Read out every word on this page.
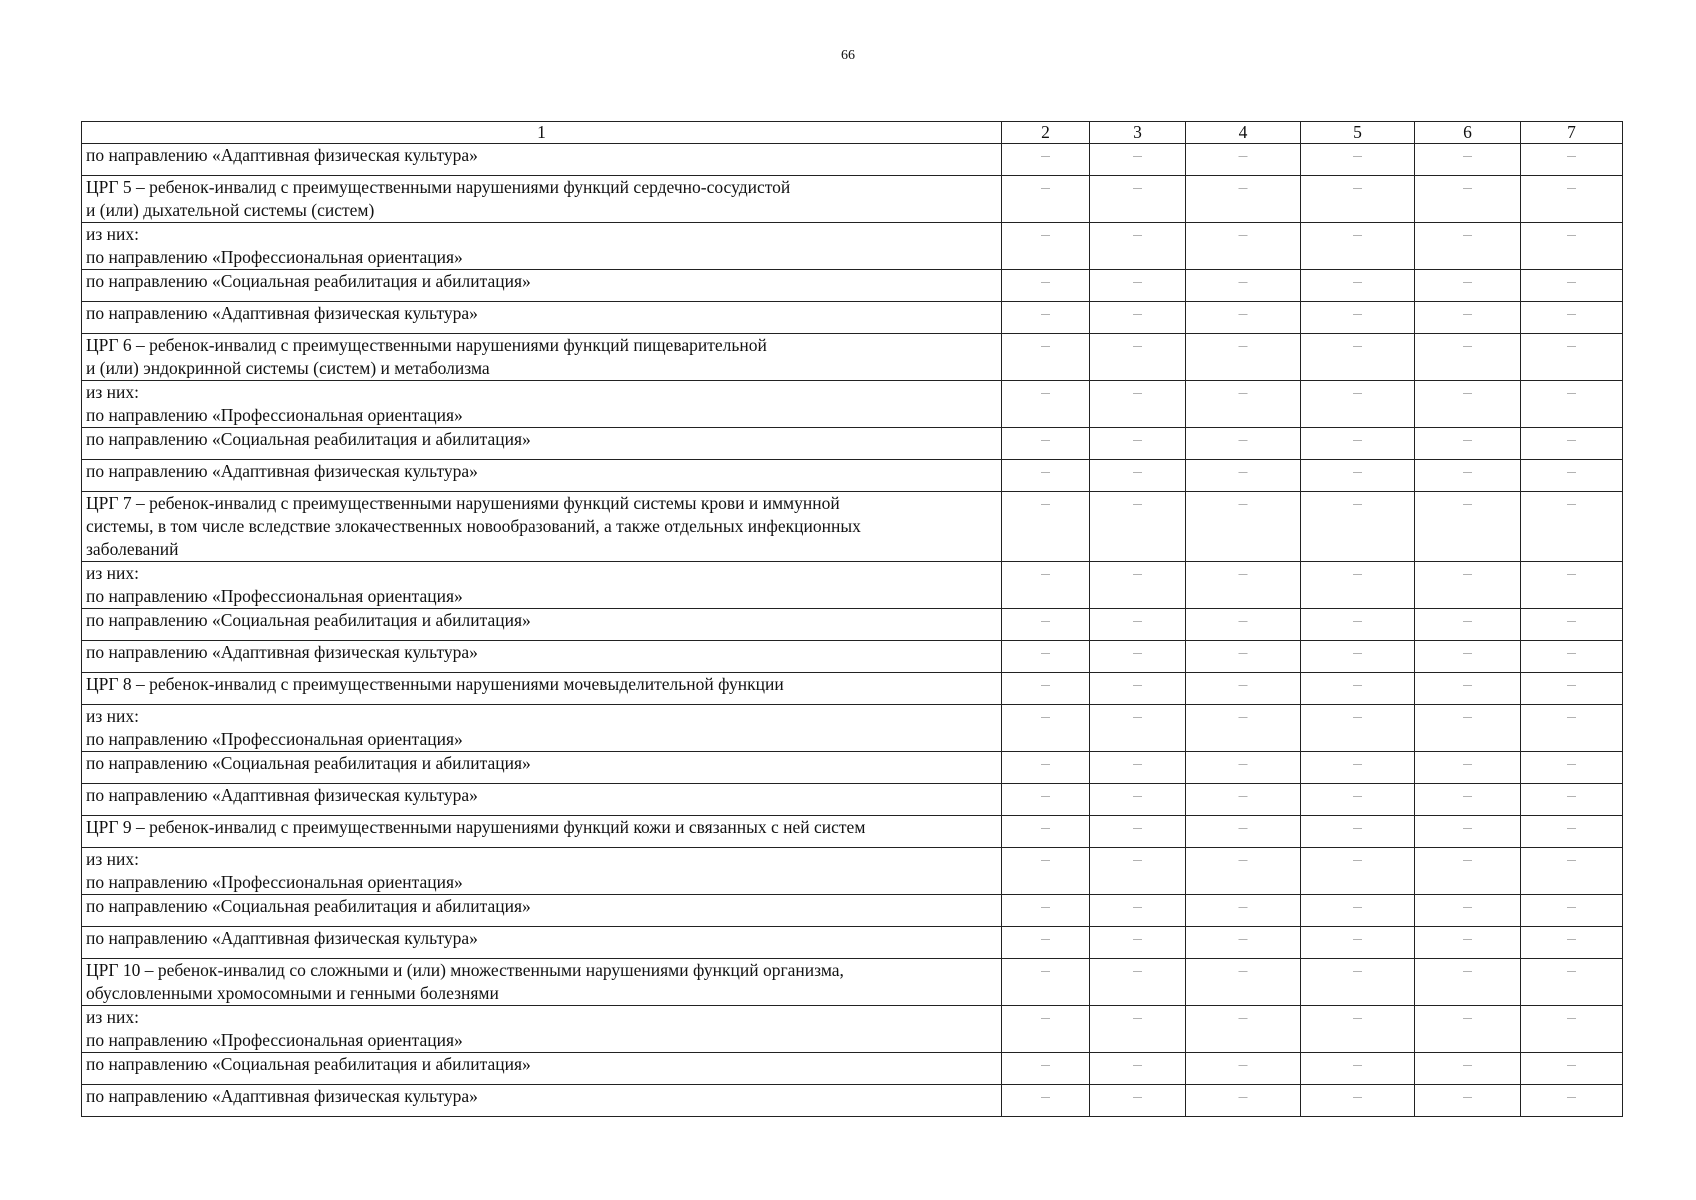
66
1	2	3	4	5	6	7
по направлению «Адаптивная физическая культура»	–	–	–	–	–	–
ЦРГ 5 – ребенок-инвалид с преимущественными нарушениями функций сердечно-сосудистой
и (или) дыхательной системы (систем)	–	–	–	–	–	–
из них:
по направлению «Профессиональная ориентация»	–	–	–	–	–	–
по направлению «Социальная реабилитация и абилитация»	–	–	–	–	–	–
по направлению «Адаптивная физическая культура»	–	–	–	–	–	–
ЦРГ 6 – ребенок-инвалид с преимущественными нарушениями функций пищеварительной
и (или) эндокринной системы (систем) и метаболизма	–	–	–	–	–	–
из них:
по направлению «Профессиональная ориентация»	–	–	–	–	–	–
по направлению «Социальная реабилитация и абилитация»	–	–	–	–	–	–
по направлению «Адаптивная физическая культура»	–	–	–	–	–	–
ЦРГ 7 – ребенок-инвалид с преимущественными нарушениями функций системы крови и иммунной
системы, в том числе вследствие злокачественных новообразований, а также отдельных инфекционных
заболеваний	–	–	–	–	–	–
из них:
по направлению «Профессиональная ориентация»	–	–	–	–	–	–
по направлению «Социальная реабилитация и абилитация»	–	–	–	–	–	–
по направлению «Адаптивная физическая культура»	–	–	–	–	–	–
ЦРГ 8 – ребенок-инвалид с преимущественными нарушениями мочевыделительной функции	–	–	–	–	–	–
из них:
по направлению «Профессиональная ориентация»	–	–	–	–	–	–
по направлению «Социальная реабилитация и абилитация»	–	–	–	–	–	–
по направлению «Адаптивная физическая культура»	–	–	–	–	–	–
ЦРГ 9 – ребенок-инвалид с преимущественными нарушениями функций кожи и связанных с ней систем	–	–	–	–	–	–
из них:
по направлению «Профессиональная ориентация»	–	–	–	–	–	–
по направлению «Социальная реабилитация и абилитация»	–	–	–	–	–	–
по направлению «Адаптивная физическая культура»	–	–	–	–	–	–
ЦРГ 10 – ребенок-инвалид со сложными и (или) множественными нарушениями функций организма,
обусловленными хромосомными и генными болезнями	–	–	–	–	–	–
из них:
по направлению «Профессиональная ориентация»	–	–	–	–	–	–
по направлению «Социальная реабилитация и абилитация»	–	–	–	–	–	–
по направлению «Адаптивная физическая культура»	–	–	–	–	–	–
